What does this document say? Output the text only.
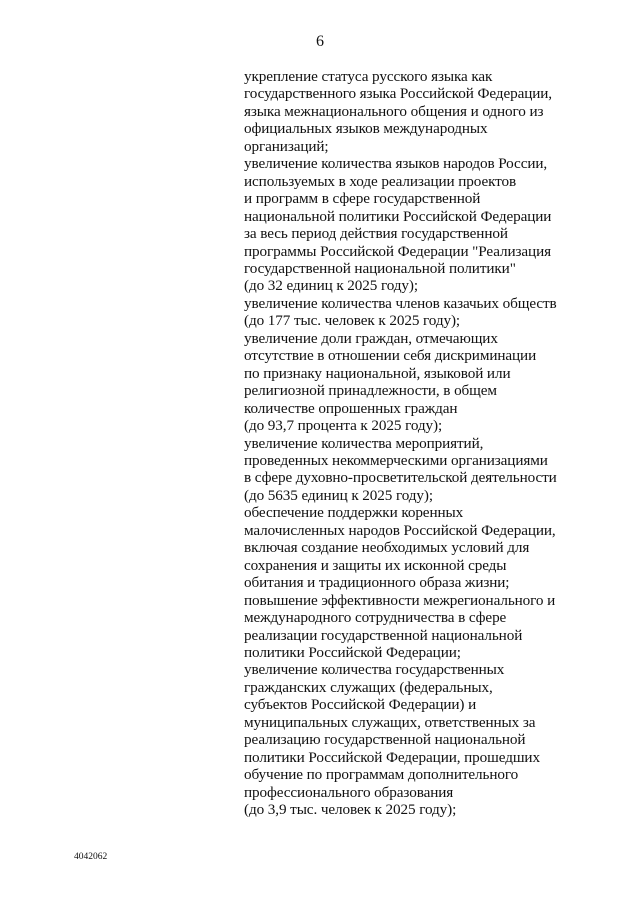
6
укрепление статуса русского языка как
государственного языка Российской Федерации,
языка межнационального общения и одного из
официальных языков международных
организаций;
увеличение количества языков народов России,
используемых в ходе реализации проектов
и программ в сфере государственной
национальной политики Российской Федерации
за весь период действия государственной
программы Российской Федерации "Реализация
государственной национальной политики"
(до 32 единиц к 2025 году);
увеличение количества членов казачьих обществ
(до 177 тыс. человек к 2025 году);
увеличение доли граждан, отмечающих
отсутствие в отношении себя дискриминации
по признаку национальной, языковой или
религиозной принадлежности, в общем
количестве опрошенных граждан
(до 93,7 процента к 2025 году);
увеличение количества мероприятий,
проведенных некоммерческими организациями
в сфере духовно-просветительской деятельности
(до 5635 единиц к 2025 году);
обеспечение поддержки коренных
малочисленных народов Российской Федерации,
включая создание необходимых условий для
сохранения и защиты их исконной среды
обитания и традиционного образа жизни;
повышение эффективности межрегионального и
международного сотрудничества в сфере
реализации государственной национальной
политики Российской Федерации;
увеличение количества государственных
гражданских служащих (федеральных,
субъектов Российской Федерации) и
муниципальных служащих, ответственных за
реализацию государственной национальной
политики Российской Федерации, прошедших
обучение по программам дополнительного
профессионального образования
(до 3,9 тыс. человек к 2025 году);
4042062
